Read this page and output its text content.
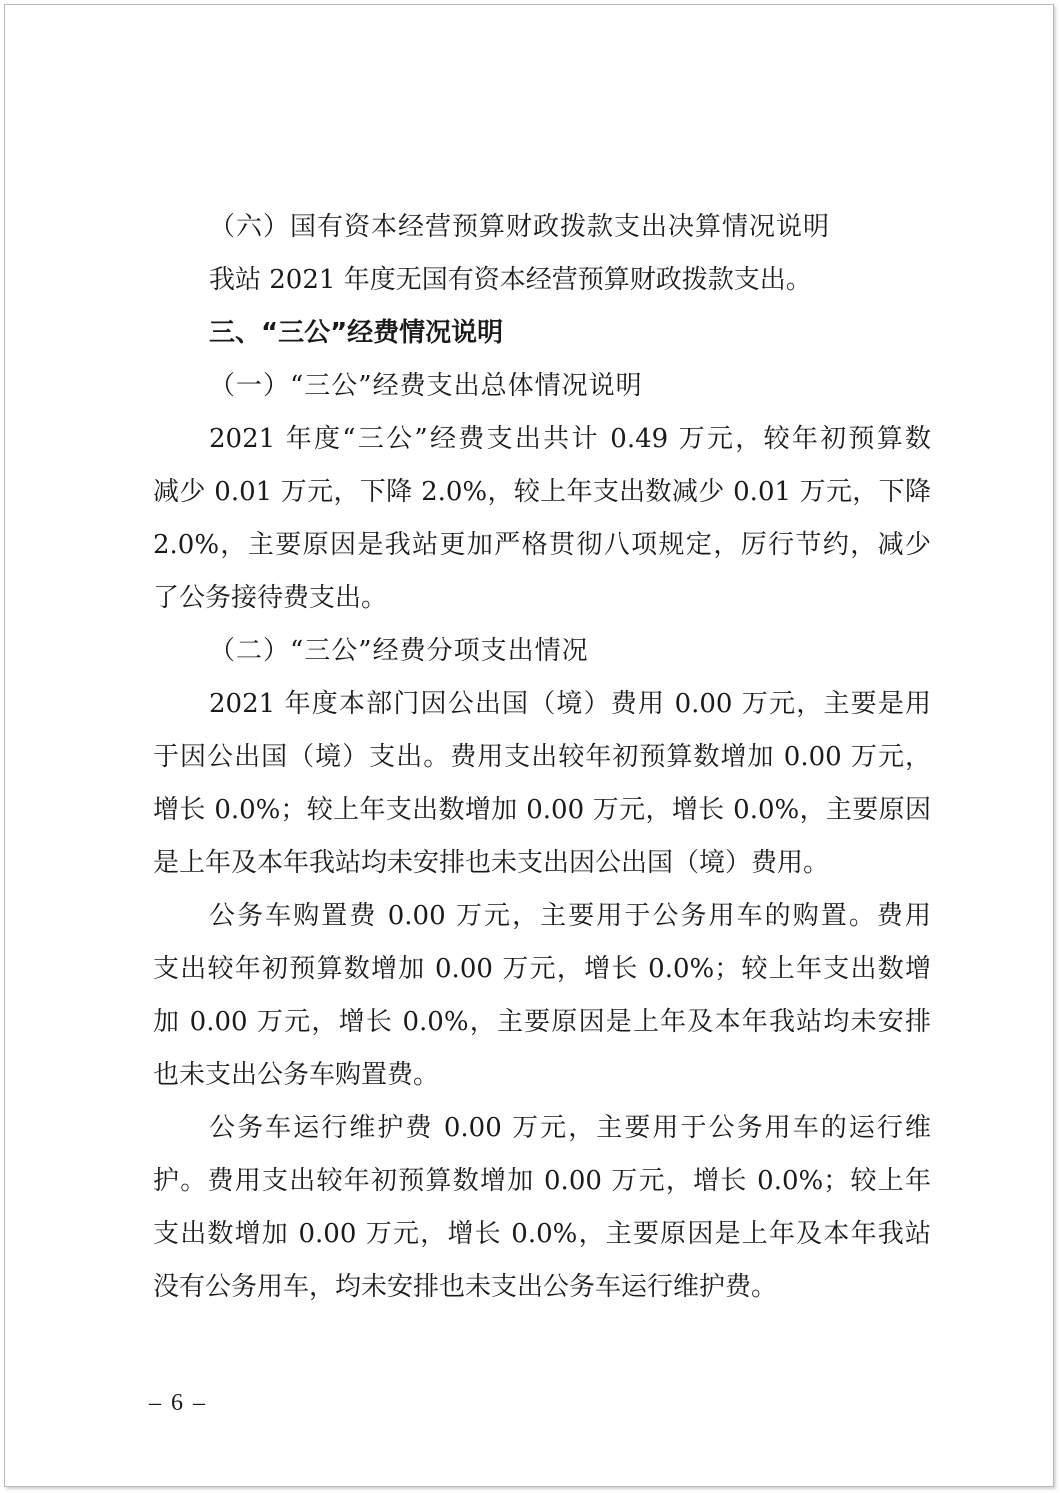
（六）国有资本经营预算财政拨款支出决算情况说明
我站 2021 年度无国有资本经营预算财政拨款支出。
三、“三公”经费情况说明
（一）“三公”经费支出总体情况说明
2021 年度“三公”经费支出共计 0.49 万元，较年初预算数
减少 0.01 万元，下降 2.0%，较上年支出数减少 0.01 万元，下降
2.0%，主要原因是我站更加严格贯彻八项规定，厉行节约，减少
了公务接待费支出。
（二）“三公”经费分项支出情况
2021 年度本部门因公出国（境）费用 0.00 万元，主要是用
于因公出国（境）支出。费用支出较年初预算数增加 0.00 万元，
增长 0.0%；较上年支出数增加 0.00 万元，增长 0.0%，主要原因
是上年及本年我站均未安排也未支出因公出国（境）费用。
公务车购置费 0.00 万元，主要用于公务用车的购置。费用
支出较年初预算数增加 0.00 万元，增长 0.0%；较上年支出数增
加 0.00 万元，增长 0.0%，主要原因是上年及本年我站均未安排
也未支出公务车购置费。
公务车运行维护费 0.00 万元，主要用于公务用车的运行维
护。费用支出较年初预算数增加 0.00 万元，增长 0.0%；较上年
支出数增加 0.00 万元，增长 0.0%，主要原因是上年及本年我站
没有公务用车，均未安排也未支出公务车运行维护费。
– 6 –
